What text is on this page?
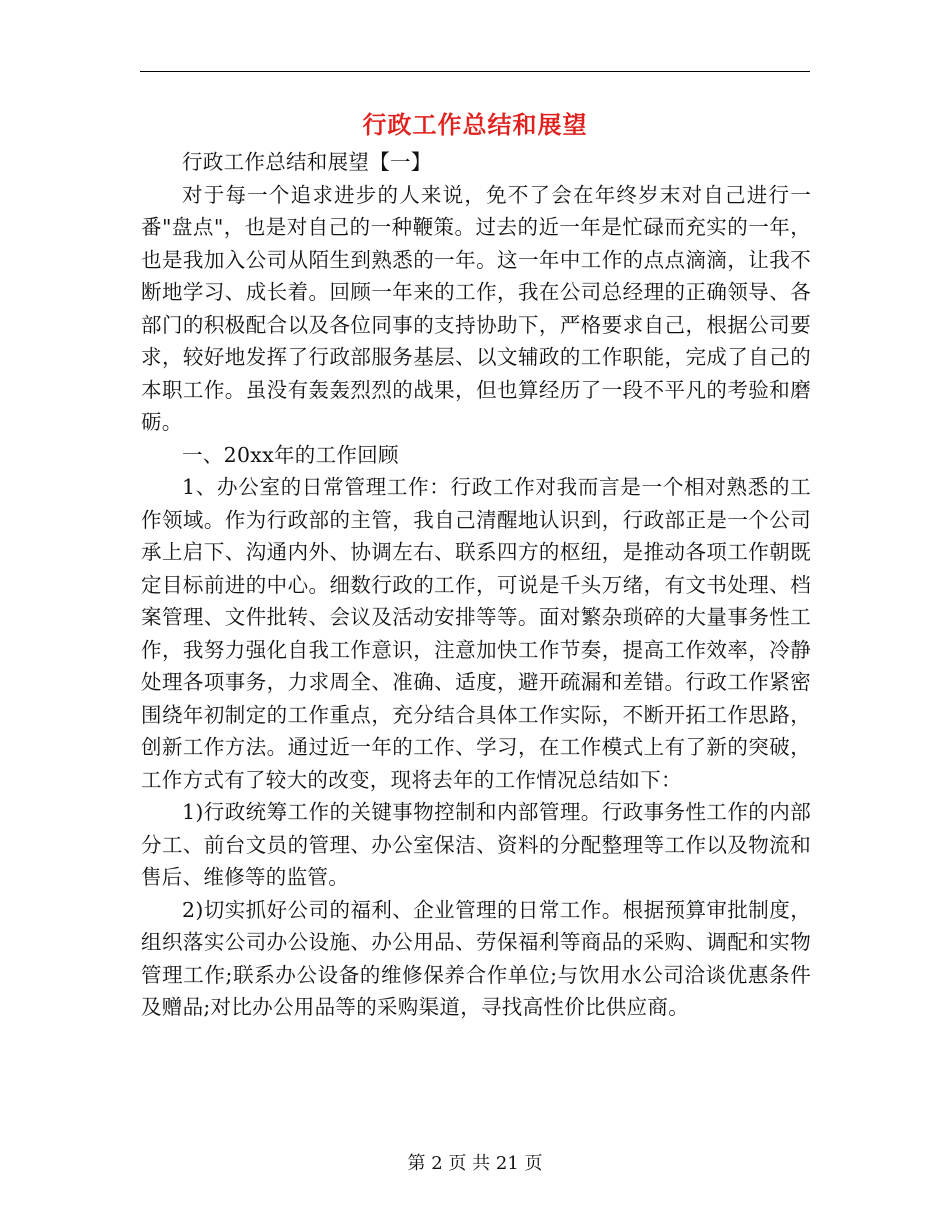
行政工作总结和展望

行政工作总结和展望【一】

对于每一个追求进步的人来说，免不了会在年终岁末对自己进行一番"盘点"，也是对自己的一种鞭策。过去的近一年是忙碌而充实的一年，也是我加入公司从陌生到熟悉的一年。这一年中工作的点点滴滴，让我不断地学习、成长着。回顾一年来的工作，我在公司总经理的正确领导、各部门的积极配合以及各位同事的支持协助下，严格要求自己，根据公司要求，较好地发挥了行政部服务基层、以文辅政的工作职能，完成了自己的本职工作。虽没有轰轰烈烈的战果，但也算经历了一段不平凡的考验和磨砺。

一、20xx年的工作回顾

1、办公室的日常管理工作：行政工作对我而言是一个相对熟悉的工作领域。作为行政部的主管，我自己清醒地认识到，行政部正是一个公司承上启下、沟通内外、协调左右、联系四方的枢纽，是推动各项工作朝既定目标前进的中心。细数行政的工作，可说是千头万绪，有文书处理、档案管理、文件批转、会议及活动安排等等。面对繁杂琐碎的大量事务性工作，我努力强化自我工作意识，注意加快工作节奏，提高工作效率，冷静处理各项事务，力求周全、准确、适度，避开疏漏和差错。行政工作紧密围绕年初制定的工作重点，充分结合具体工作实际，不断开拓工作思路，创新工作方法。通过近一年的工作、学习，在工作模式上有了新的突破，工作方式有了较大的改变，现将去年的工作情况总结如下：

1)行政统筹工作的关键事物控制和内部管理。行政事务性工作的内部分工、前台文员的管理、办公室保洁、资料的分配整理等工作以及物流和售后、维修等的监管。

2)切实抓好公司的福利、企业管理的日常工作。根据预算审批制度，组织落实公司办公设施、办公用品、劳保福利等商品的采购、调配和实物管理工作;联系办公设备的维修保养合作单位;与饮用水公司洽谈优惠条件及赠品;对比办公用品等的采购渠道，寻找高性价比供应商。

第 2 页 共 21 页
